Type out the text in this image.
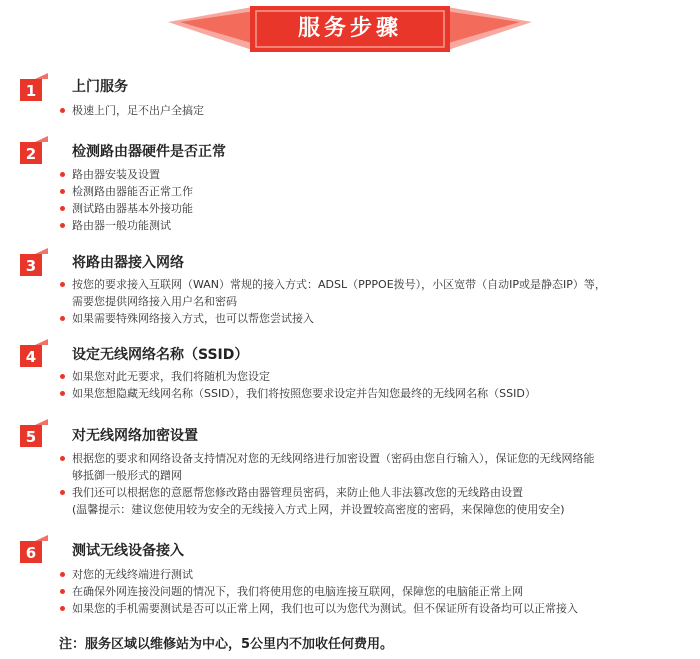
服务步骤
1	上门服务
极速上门，足不出户全搞定
2	检测路由器硬件是否正常
路由器安装及设置
检测路由器能否正常工作
测试路由器基本外接功能
路由器一般功能测试
3	将路由器接入网络
按您的要求接入互联网（WAN）常规的接入方式：ADSL（PPPOE拨号），小区宽带（自动IP或是静态IP）等，
需要您提供网络接入用户名和密码
如果需要特殊网络接入方式，也可以帮您尝试接入
4	设定无线网络名称（SSID）
如果您对此无要求，我们将随机为您设定
如果您想隐藏无线网名称（SSID），我们将按照您要求设定并告知您最终的无线网名称（SSID）
5	对无线网络加密设置
根据您的要求和网络设备支持情况对您的无线网络进行加密设置（密码由您自行输入），保证您的无线网络能
够抵御一般形式的蹭网
我们还可以根据您的意愿帮您修改路由器管理员密码，来防止他人非法篡改您的无线路由设置
(温馨提示：建议您使用较为安全的无线接入方式上网，并设置较高密度的密码，来保障您的使用安全)
6	测试无线设备接入
对您的无线终端进行测试
在确保外网连接没问题的情况下，我们将使用您的电脑连接互联网，保障您的电脑能正常上网
如果您的手机需要测试是否可以正常上网，我们也可以为您代为测试。但不保证所有设备均可以正常接入
注：服务区域以维修站为中心，5公里内不加收任何费用。
